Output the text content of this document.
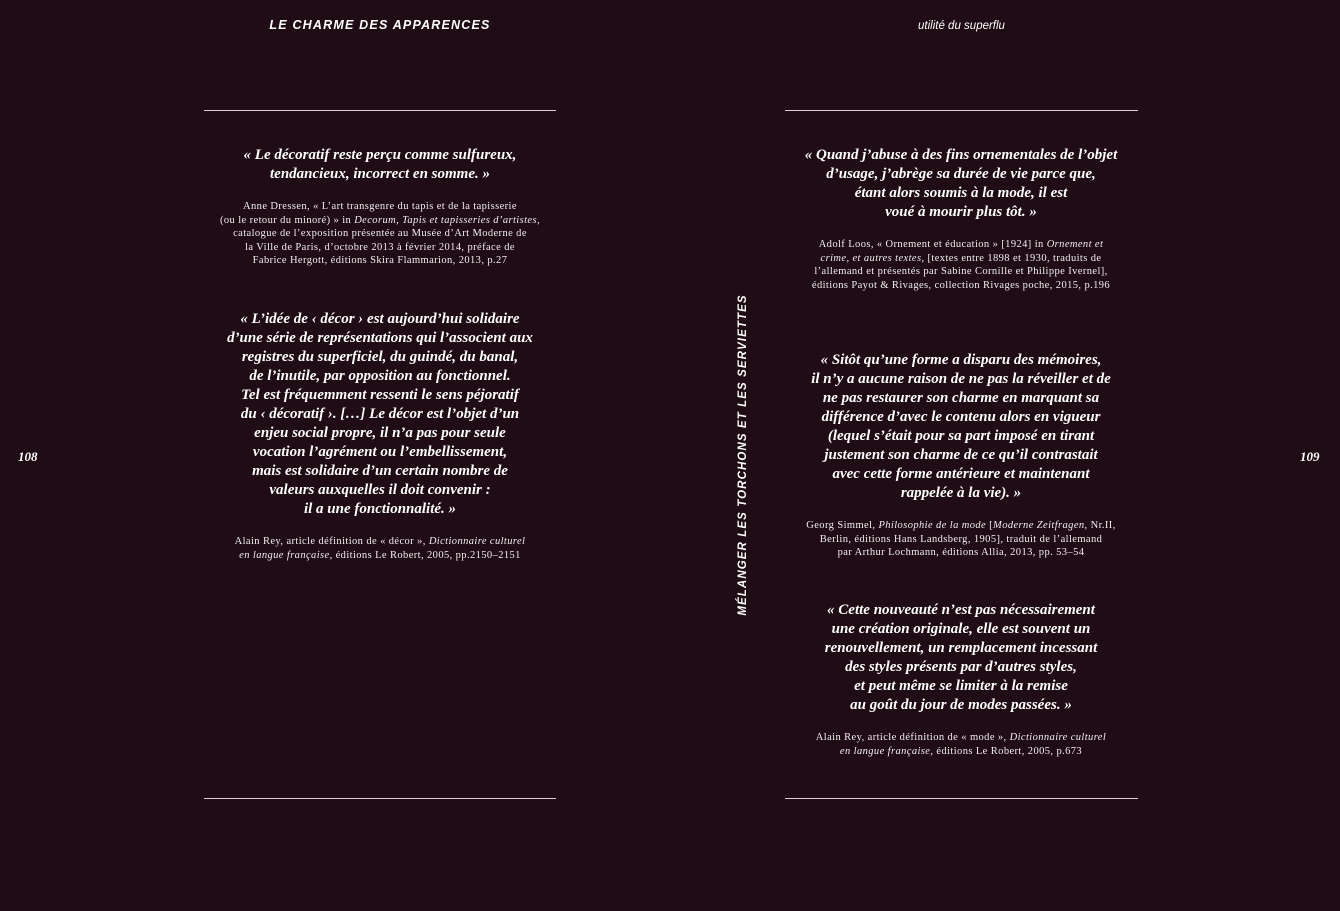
LE CHARME DES APPARENCES	utilité du superflu
108	109
MÉLANGER LES TORCHONS ET LES SERVIETTES
« Le décoratif reste perçu comme sulfureux,
tendancieux, incorrect en somme. »
Anne Dressen, « L’art transgenre du tapis et de la tapisserie
(ou le retour du minoré) » in Decorum, Tapis et tapisseries d’artistes,
catalogue de l’exposition présentée au Musée d’Art Moderne de
la Ville de Paris, d’octobre 2013 à février 2014, préface de
Fabrice Hergott, éditions Skira Flammarion, 2013, p.27
« L’idée de ‹ décor › est aujourd’hui solidaire
d’une série de représentations qui l’associent aux
registres du superficiel, du guindé, du banal,
de l’inutile, par opposition au fonctionnel.
Tel est fréquemment ressenti le sens péjoratif
du ‹ décoratif ›. […] Le décor est l’objet d’un
enjeu social propre, il n’a pas pour seule
vocation l’agrément ou l’embellissement,
mais est solidaire d’un certain nombre de
valeurs auxquelles il doit convenir :
il a une fonctionnalité. »
Alain Rey, article définition de « décor », Dictionnaire culturel
en langue française, éditions Le Robert, 2005, pp.2150–2151
« Quand j’abuse à des fins ornementales de l’objet
d’usage, j’abrège sa durée de vie parce que,
étant alors soumis à la mode, il est
voué à mourir plus tôt. »
Adolf Loos, « Ornement et éducation » [1924] in Ornement et
crime, et autres textes, [textes entre 1898 et 1930, traduits de
l’allemand et présentés par Sabine Cornille et Philippe Ivernel],
éditions Payot & Rivages, collection Rivages poche, 2015, p.196
« Sitôt qu’une forme a disparu des mémoires,
il n’y a aucune raison de ne pas la réveiller et de
ne pas restaurer son charme en marquant sa
différence d’avec le contenu alors en vigueur
(lequel s’était pour sa part imposé en tirant
justement son charme de ce qu’il contrastait
avec cette forme antérieure et maintenant
rappelée à la vie). »
Georg Simmel, Philosophie de la mode [Moderne Zeitfragen, Nr.II,
Berlin, éditions Hans Landsberg, 1905], traduit de l’allemand
par Arthur Lochmann, éditions Allia, 2013, pp. 53–54
« Cette nouveauté n’est pas nécessairement
une création originale, elle est souvent un
renouvellement, un remplacement incessant
des styles présents par d’autres styles,
et peut même se limiter à la remise
au goût du jour de modes passées. »
Alain Rey, article définition de « mode », Dictionnaire culturel
en langue française, éditions Le Robert, 2005, p.673
